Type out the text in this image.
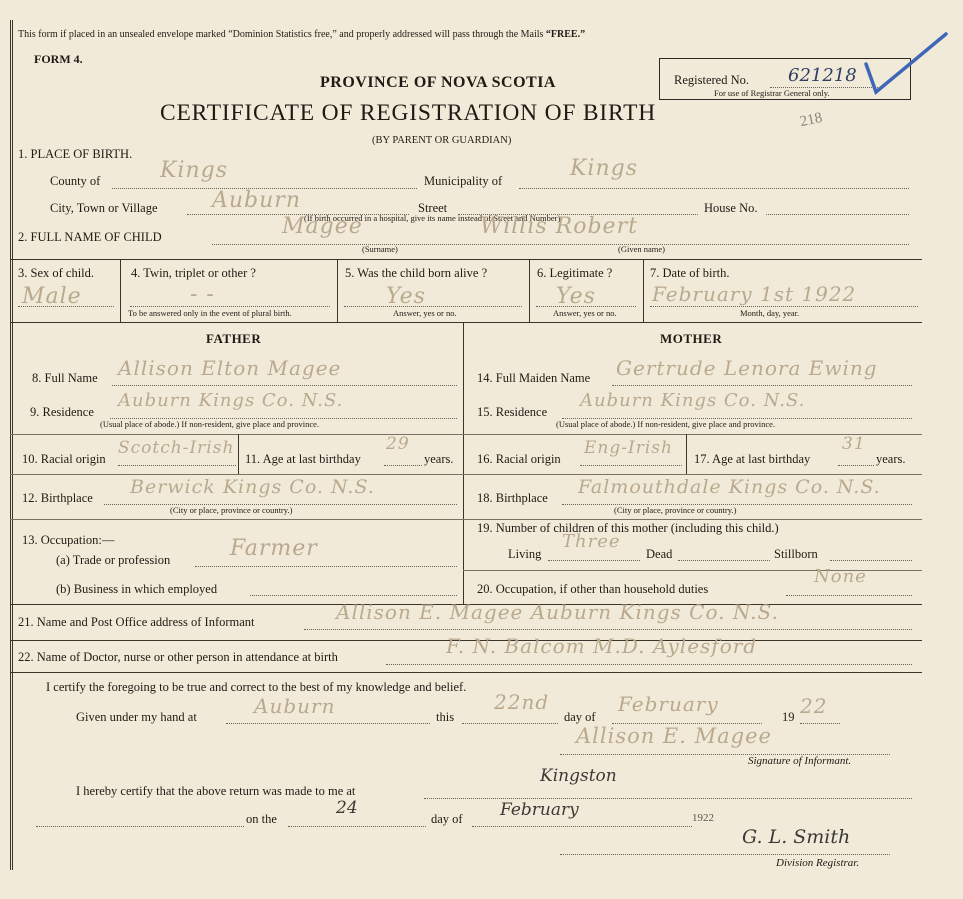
This form if placed in an unsealed envelope marked “Dominion Statistics free,” and properly addressed will pass through the Mails “FREE.”
FORM 4.
PROVINCE OF NOVA SCOTIA
CERTIFICATE OF REGISTRATION OF BIRTH
(BY PARENT OR GUARDIAN)
218
Registered No. 621218
For use of Registrar General only.
1. PLACE OF BIRTH.
County of	Kings	Municipality of	Kings
City, Town or Village Auburn	Street	House No.
(If birth occurred in a hospital, give its name instead of Street and Number)
2. FULL NAME OF CHILD	Magee	Willis Robert
(Surname)	(Given name)
3. Sex of child.
Male
4. Twin, triplet or other ?
- -
To be answered only in the event of plural birth.
5. Was the child born alive ?
Yes
Answer, yes or no.
6. Legitimate ?
Yes
Answer, yes or no.
7. Date of birth.
February 1st 1922
Month, day, year.
FATHER	MOTHER
8. Full Name Allison Elton Magee
9. Residence
Auburn Kings Co. N.S.
(Usual place of abode.) If non-resident, give place and province.
10. Racial origin
Scotch-Irish
11. Age at last birthday
29
years.
12. Birthplace Berwick Kings Co. N.S.
(City or place, province or country.)
13. Occupation:—
(a) Trade or profession	Farmer
(b) Business in which employed
14. Full Maiden Name Gertrude Lenora Ewing
15. Residence
Auburn Kings Co. N.S.
(Usual place of abode.) If non-resident, give place and province.
16. Racial origin
Eng-Irish
17. Age at last birthday
31
years.
18. Birthplace Falmouthdale Kings Co. N.S.
(City or place, province or country.)
19. Number of children of this mother (including this child.)
Living
Three
Dead	Stillborn
20. Occupation, if other than household duties
None
21. Name and Post Office address of Informant	Allison E. Magee Auburn Kings Co. N.S.
22. Name of Doctor, nurse or other person in attendance at birth	F. N. Balcom M.D. Aylesford
I certify the foregoing to be true and correct to the best of my knowledge and belief.
Given under my hand at	Auburn	this
22nd
day of
February
19 22
Allison E. Magee
Signature of Informant.
I hereby certify that the above return was made to me at
Kingston
on the
24
day of February	1922
G. L. Smith
Division Registrar.
